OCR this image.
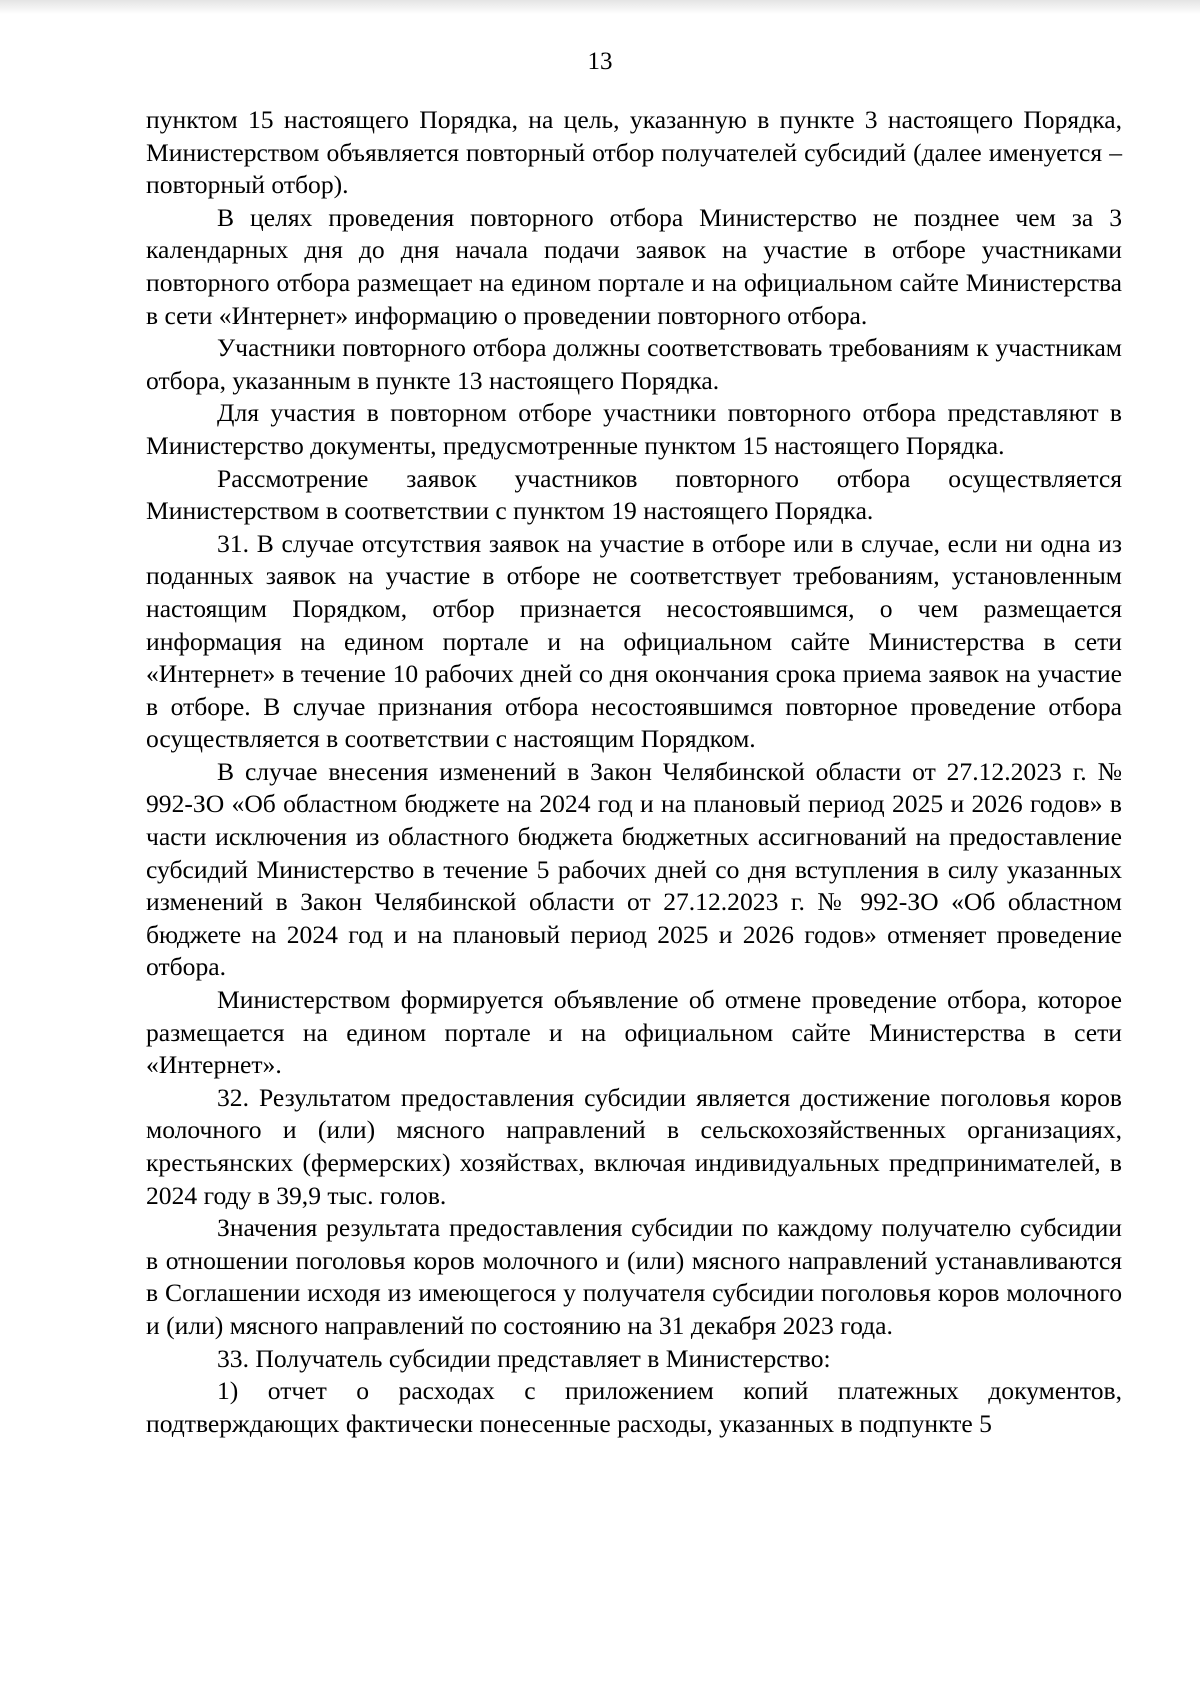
13

пунктом 15 настоящего Порядка, на цель, указанную в пункте 3 настоящего Порядка, Министерством объявляется повторный отбор получателей субсидий (далее именуется – повторный отбор).

В целях проведения повторного отбора Министерство не позднее чем за 3 календарных дня до дня начала подачи заявок на участие в отборе участниками повторного отбора размещает на едином портале и на официальном сайте Министерства в сети «Интернет» информацию о проведении повторного отбора.

Участники повторного отбора должны соответствовать требованиям к участникам отбора, указанным в пункте 13 настоящего Порядка.

Для участия в повторном отборе участники повторного отбора представляют в Министерство документы, предусмотренные пунктом 15 настоящего Порядка.

Рассмотрение заявок участников повторного отбора осуществляется Министерством в соответствии с пунктом 19 настоящего Порядка.

31. В случае отсутствия заявок на участие в отборе или в случае, если ни одна из поданных заявок на участие в отборе не соответствует требованиям, установленным настоящим Порядком, отбор признается несостоявшимся, о чем размещается информация на едином портале и на официальном сайте Министерства в сети «Интернет» в течение 10 рабочих дней со дня окончания срока приема заявок на участие в отборе. В случае признания отбора несостоявшимся повторное проведение отбора осуществляется в соответствии с настоящим Порядком.

В случае внесения изменений в Закон Челябинской области от 27.12.2023 г. № 992-ЗО «Об областном бюджете на 2024 год и на плановый период 2025 и 2026 годов» в части исключения из областного бюджета бюджетных ассигнований на предоставление субсидий Министерство в течение 5 рабочих дней со дня вступления в силу указанных изменений в Закон Челябинской области от 27.12.2023 г. № 992-ЗО «Об областном бюджете на 2024 год и на плановый период 2025 и 2026 годов» отменяет проведение отбора.

Министерством формируется объявление об отмене проведение отбора, которое размещается на едином портале и на официальном сайте Министерства в сети «Интернет».

32. Результатом предоставления субсидии является достижение поголовья коров молочного и (или) мясного направлений в сельскохозяйственных организациях, крестьянских (фермерских) хозяйствах, включая индивидуальных предпринимателей, в 2024 году в 39,9 тыс. голов.

Значения результата предоставления субсидии по каждому получателю субсидии в отношении поголовья коров молочного и (или) мясного направлений устанавливаются в Соглашении исходя из имеющегося у получателя субсидии поголовья коров молочного и (или) мясного направлений по состоянию на 31 декабря 2023 года.

33. Получатель субсидии представляет в Министерство:

1) отчет о расходах с приложением копий платежных документов, подтверждающих фактически понесенные расходы, указанных в подпункте 5
